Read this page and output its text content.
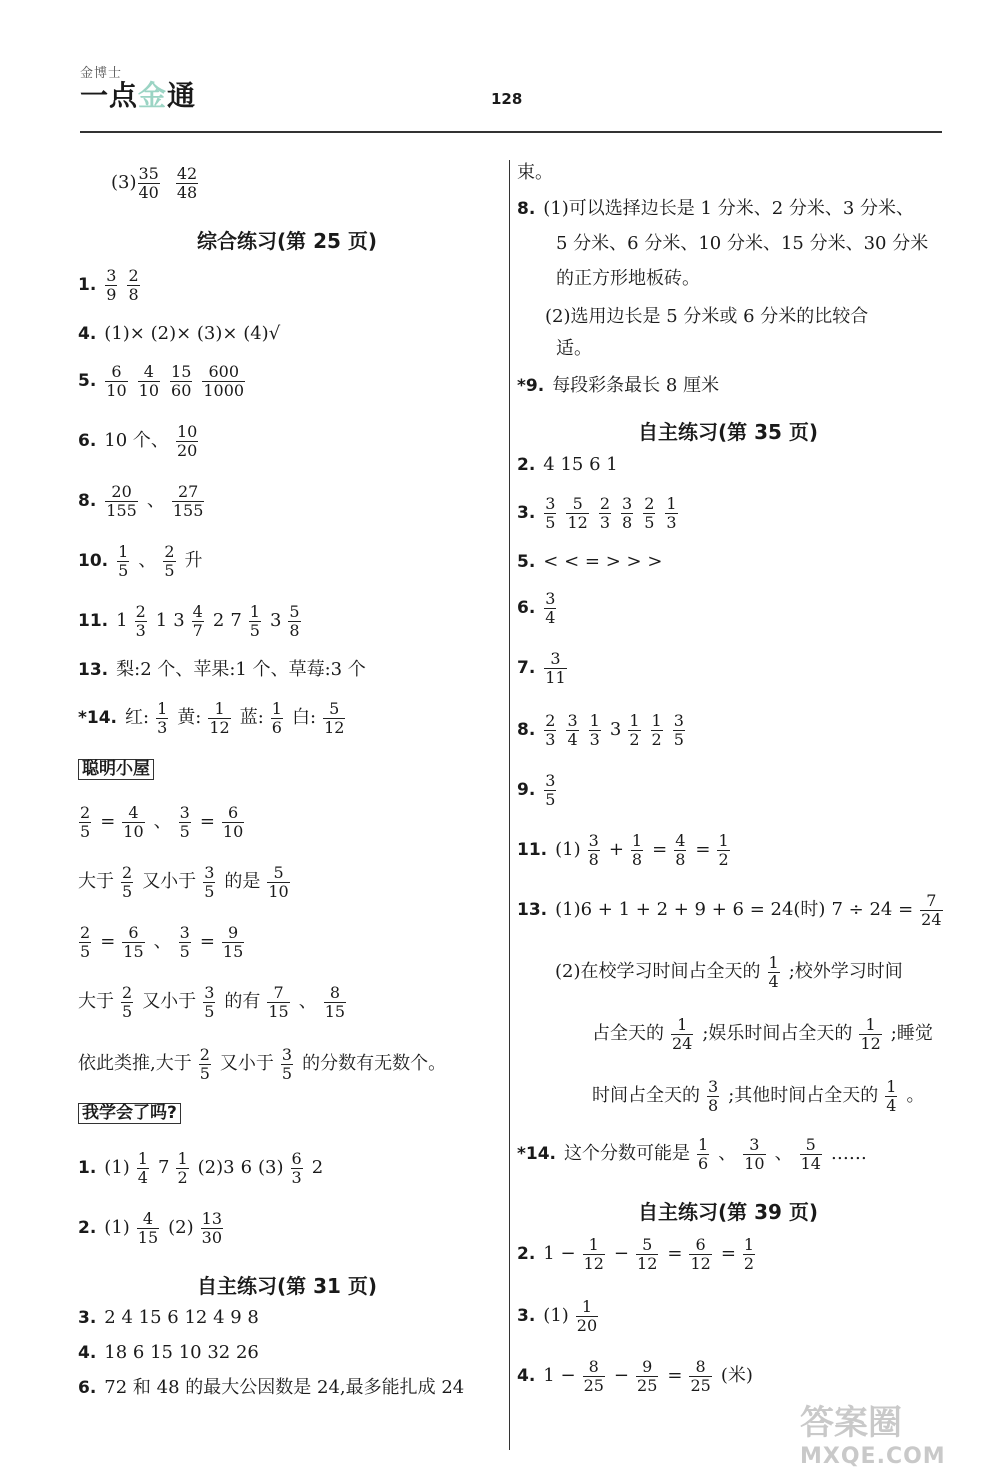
金博士
一点金通	128
$(3) \frac{35}{40} \frac{42}{48}$
综合练习(第 25 页)
1. $\frac{3}{9} \frac{2}{8}$
4. (1)× (2)× (3)× (4)√
5. $\frac{6}{10} \frac{4}{10} \frac{15}{60} \frac{600}{1000}$
6. 10 个、 $\frac{10}{20}$
8. $\frac{20}{155}$ 、 $\frac{27}{155}$
10. $\frac{1}{5}$ 、 $\frac{2}{5}$ 升
11. $1 \frac{2}{3} 1$ $3 \frac{4}{7} 2$ $7 \frac{1}{5} 3 \frac{5}{8}$
13. 梨:2 个、苹果:1 个、草莓:3 个
*14. 红: $\frac{1}{3}$ 黄: $\frac{1}{12}$ 蓝: $\frac{1}{6}$ 白: $\frac{5}{12}$
聪明小屋
$\frac{2}{5} = \frac{4}{10}$ 、 $\frac{3}{5} = \frac{6}{10}$
大于 $\frac{2}{5}$ 又小于 $\frac{3}{5}$ 的是 $\frac{5}{10}$
$\frac{2}{5} = \frac{6}{15}$ 、 $\frac{3}{5} = \frac{9}{15}$
大于 $\frac{2}{5}$ 又小于 $\frac{3}{5}$ 的有 $\frac{7}{15}$ 、 $\frac{8}{15}$
依此类推,大于 $\frac{2}{5}$ 又小于 $\frac{3}{5}$ 的分数有无数个。
我学会了吗?
1. $(1) \frac{1}{4} 7 \frac{1}{2} (2)3$ 6 $(3) \frac{6}{3} 2$
2. $(1) \frac{4}{15} (2) \frac{13}{30}$
自主练习(第 31 页)
3. 2 4 15 6 12 4 9 8
4. 18 6 15 10 32 26
6. 72 和 48 的最大公因数是 24,最多能扎成 24
束。
8. (1)可以选择边长是 1 分米、2 分米、3 分米、
5 分米、6 分米、10 分米、15 分米、30 分米
的正方形地板砖。
(2)选用边长是 5 分米或 6 分米的比较合
适。
*9. 每段彩条最长 8 厘米
自主练习(第 35 页)
2. 4 15 6 1
3. $\frac{3}{5} \frac{5}{12} \frac{2}{3} \frac{3}{8} \frac{2}{5} \frac{1}{3}$
5. < < = > > >
6. $\frac{3}{4}$
7. $\frac{3}{11}$
8. $\frac{2}{3} \frac{3}{4} \frac{1}{3} 3 \frac{1}{2} \frac{1}{2} \frac{3}{5}$
9. $\frac{3}{5}$
11. $(1) \frac{3}{8} + \frac{1}{8} = \frac{4}{8} = \frac{1}{2}$
13. (1)6 + 1 + 2 + 9 + 6 = 24(时) $7 \div 24 = \frac{7}{24}$
(2)在校学习时间占全天的 $\frac{1}{4}$ ;校外学习时间
占全天的 $\frac{1}{24}$ ;娱乐时间占全天的 $\frac{1}{12}$ ;睡觉
时间占全天的 $\frac{3}{8}$ ;其他时间占全天的 $\frac{1}{4}$ 。
*14. 这个分数可能是 $\frac{1}{6}$ 、 $\frac{3}{10}$ 、 $\frac{5}{14}$ ……
自主练习(第 39 页)
2. $1 - \frac{1}{12} - \frac{5}{12} = \frac{6}{12} = \frac{1}{2}$
3. $(1) \frac{1}{20}$
4. $1 - \frac{8}{25} - \frac{9}{25} = \frac{8}{25}$ (米)
答案圈
MXQE.COM
